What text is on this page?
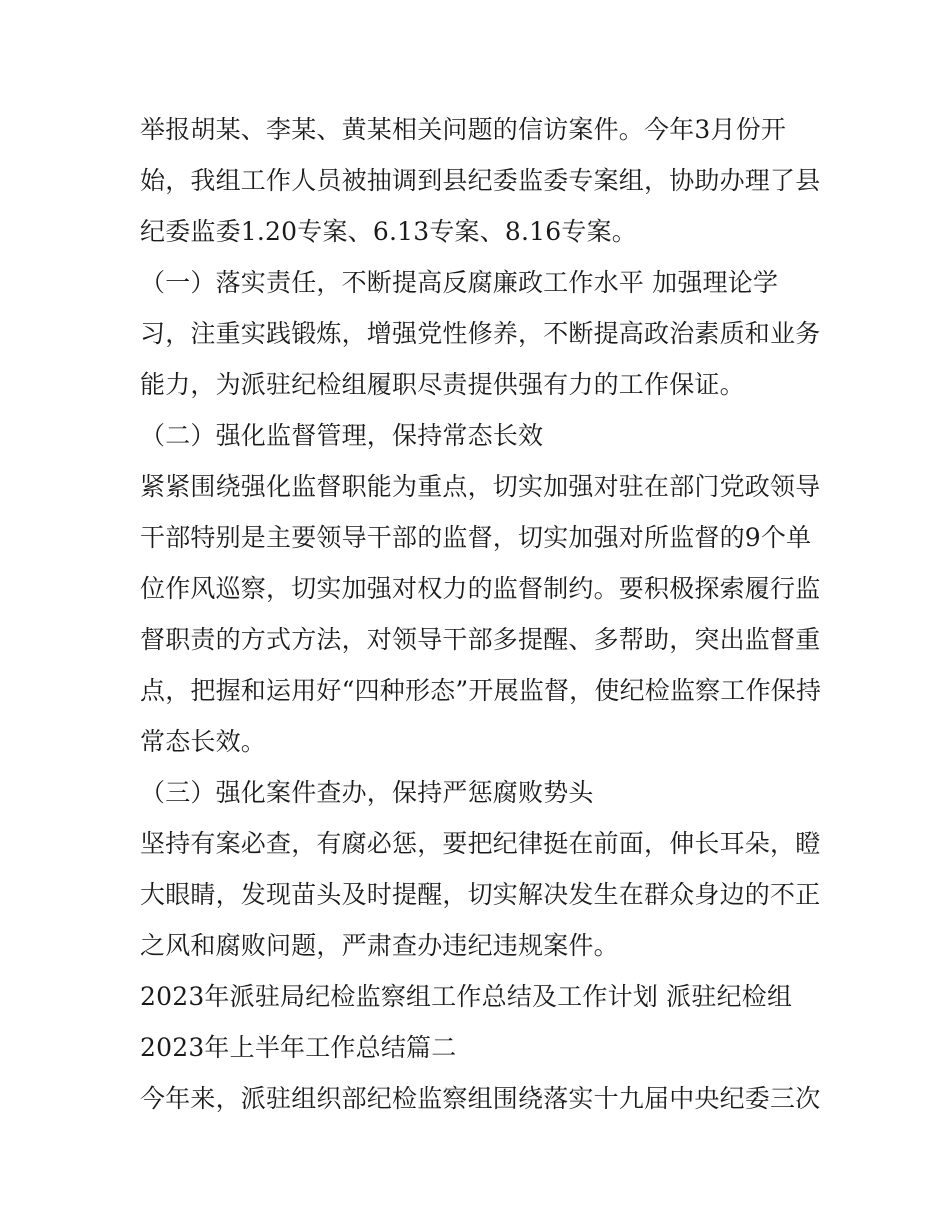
举报胡某、李某、黄某相关问题的信访案件。今年3月份开
始，我组工作人员被抽调到县纪委监委专案组，协助办理了县
纪委监委1.20专案、6.13专案、8.16专案。
（一）落实责任，不断提高反腐廉政工作水平 加强理论学
习，注重实践锻炼，增强党性修养，不断提高政治素质和业务
能力，为派驻纪检组履职尽责提供强有力的工作保证。
（二）强化监督管理，保持常态长效
紧紧围绕强化监督职能为重点，切实加强对驻在部门党政领导
干部特别是主要领导干部的监督，切实加强对所监督的9个单
位作风巡察，切实加强对权力的监督制约。要积极探索履行监
督职责的方式方法，对领导干部多提醒、多帮助，突出监督重
点，把握和运用好“四种形态”开展监督，使纪检监察工作保持
常态长效。
（三）强化案件查办，保持严惩腐败势头
坚持有案必查，有腐必惩，要把纪律挺在前面，伸长耳朵，瞪
大眼睛，发现苗头及时提醒，切实解决发生在群众身边的不正
之风和腐败问题，严肃查办违纪违规案件。
2023年派驻局纪检监察组工作总结及工作计划 派驻纪检组
2023年上半年工作总结篇二
今年来，派驻组织部纪检监察组围绕落实十九届中央纪委三次
